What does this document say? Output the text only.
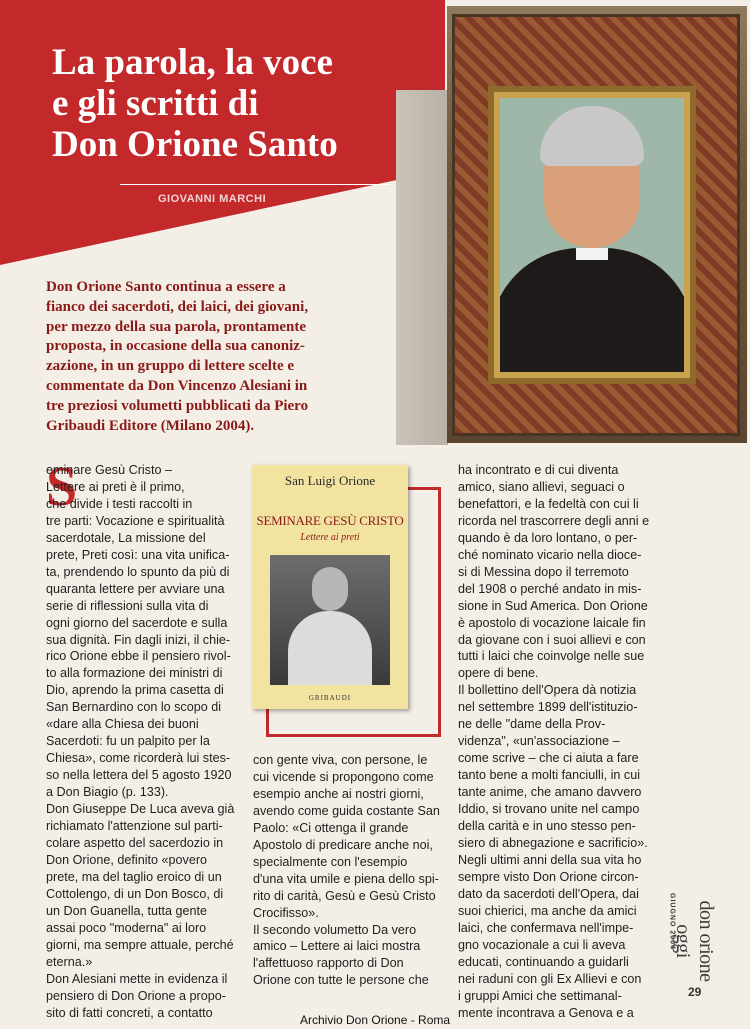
La parola, la voce
e gli scritti di
Don Orione Santo
GIOVANNI MARCHI

Don Orione Santo continua a essere a
fianco dei sacerdoti, dei laici, dei giovani,
per mezzo della sua parola, prontamente
proposta, in occasione della sua canoniz-
zazione, in un gruppo di lettere scelte e
commentate da Don Vincenzo Alesiani in
tre preziosi volumetti pubblicati da Piero
Gribaudi Editore (Milano 2004).

S
eminare Gesù Cristo –
Lettere ai preti è il primo,
che divide i testi raccolti in
tre parti: Vocazione e spiritualità
sacerdotale, La missione del
prete, Preti così: una vita unifica-
ta, prendendo lo spunto da più di
quaranta lettere per avviare una
serie di riflessioni sulla vita di
ogni giorno del sacerdote e sulla
sua dignità. Fin dagli inizi, il chie-
rico Orione ebbe il pensiero rivol-
to alla formazione dei ministri di
Dio, aprendo la prima casetta di
San Bernardino con lo scopo di
«dare alla Chiesa dei buoni
Sacerdoti: fu un palpito per la
Chiesa», come ricorderà lui stes-
so nella lettera del 5 agosto 1920
a Don Biagio (p. 133).
Don Giuseppe De Luca aveva già
richiamato l'attenzione sul parti-
colare aspetto del sacerdozio in
Don Orione, definito «povero
prete, ma del taglio eroico di un
Cottolengo, di un Don Bosco, di
un Don Guanella, tutta gente
assai poco "moderna" ai loro
giorni, ma sempre attuale, perché
eterna.»
Don Alesiani mette in evidenza il
pensiero di Don Orione a propo-
sito di fatti concreti, a contatto
San Luigi Orione
SEMINARE GESÙ CRISTO
Lettere ai preti
GRIBAUDI
con gente viva, con persone, le
cui vicende si propongono come
esempio anche ai nostri giorni,
avendo come guida costante San
Paolo: «Ci ottenga il grande
Apostolo di predicare anche noi,
specialmente con l'esempio
d'una vita umile e piena dello spi-
rito di carità, Gesù e Gesù Cristo
Crocifisso».
Il secondo volumetto Da vero
amico – Lettere ai laici mostra
l'affettuoso rapporto di Don
Orione con tutte le persone che
ha incontrato e di cui diventa
amico, siano allievi, seguaci o
benefattori, e la fedeltà con cui li
ricorda nel trascorrere degli anni e
quando è da loro lontano, o per-
ché nominato vicario nella dioce-
si di Messina dopo il terremoto
del 1908 o perché andato in mis-
sione in Sud America. Don Orione
è apostolo di vocazione laicale fin
da giovane con i suoi allievi e con
tutti i laici che coinvolge nelle sue
opere di bene.
Il bollettino dell'Opera dà notizia
nel settembre 1899 dell'istituzio-
ne delle "dame della Prov-
videnza", «un'associazione –
come scrive – che ci aiuta a fare
tanto bene a molti fanciulli, in cui
tante anime, che amano davvero
Iddio, si trovano unite nel campo
della carità e in uno stesso pen-
siero di abnegazione e sacrificio».
Negli ultimi anni della sua vita ho
sempre visto Don Orione circon-
dato da sacerdoti dell'Opera, dai
suoi chierici, ma anche da amici
laici, che confermava nell'impe-
gno vocazionale a cui li aveva
educati, continuando a guidarli
nei raduni con gli Ex Allievi e con
i gruppi Amici che settimanal-
mente incontrava a Genova e a
don orione oggi
GIUGNO 2004
29
Archivio Don Orione - Roma
